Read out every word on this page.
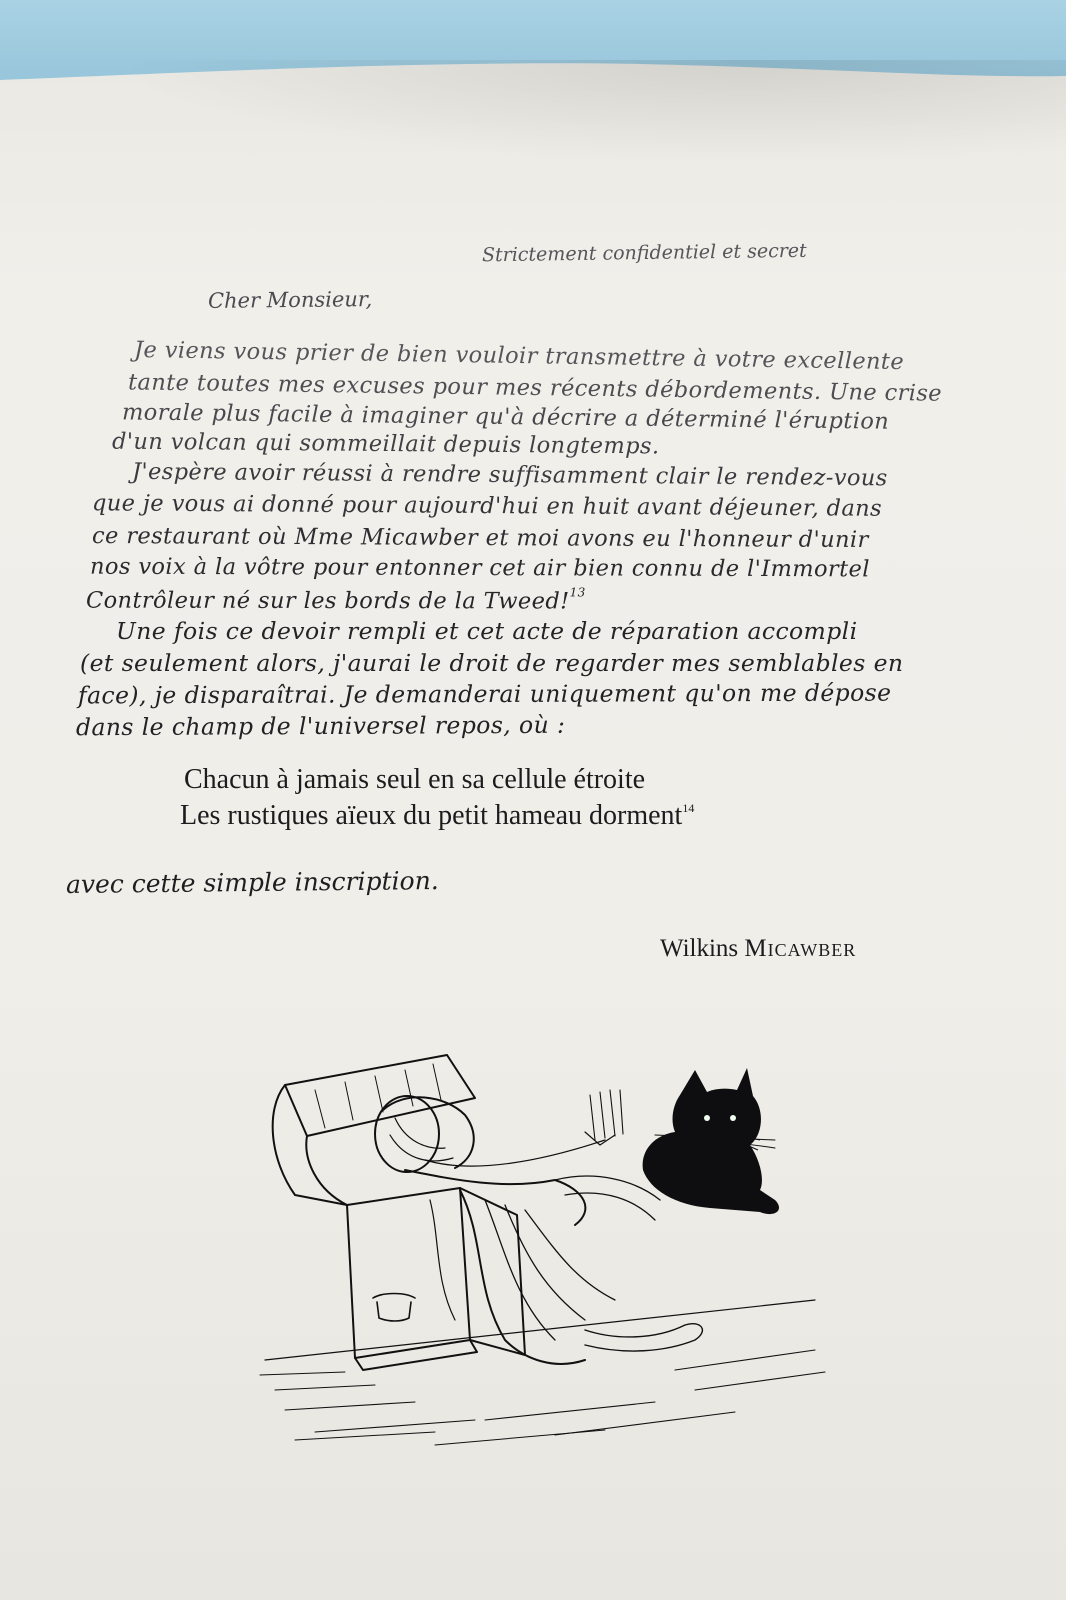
Strictement confidentiel et secret
Cher Monsieur,
Je viens vous prier de bien vouloir transmettre à votre excellente
tante toutes mes excuses pour mes récents débordements. Une crise
morale plus facile à imaginer qu'à décrire a déterminé l'éruption
d'un volcan qui sommeillait depuis longtemps.
J'espère avoir réussi à rendre suffisamment clair le rendez-vous
que je vous ai donné pour aujourd'hui en huit avant déjeuner, dans
ce restaurant où Mme Micawber et moi avons eu l'honneur d'unir
nos voix à la vôtre pour entonner cet air bien connu de l'Immortel
Contrôleur né sur les bords de la Tweed!$^{13}$
Une fois ce devoir rempli et cet acte de réparation accompli
(et seulement alors, j'aurai le droit de regarder mes semblables en
face), je disparaîtrai. Je demanderai uniquement qu'on me dépose
dans le champ de l'universel repos, où :
Chacun à jamais seul en sa cellule étroite
Les rustiques aïeux du petit hameau dorment$^{14}$
avec cette simple inscription.
Wilkins Micawber
